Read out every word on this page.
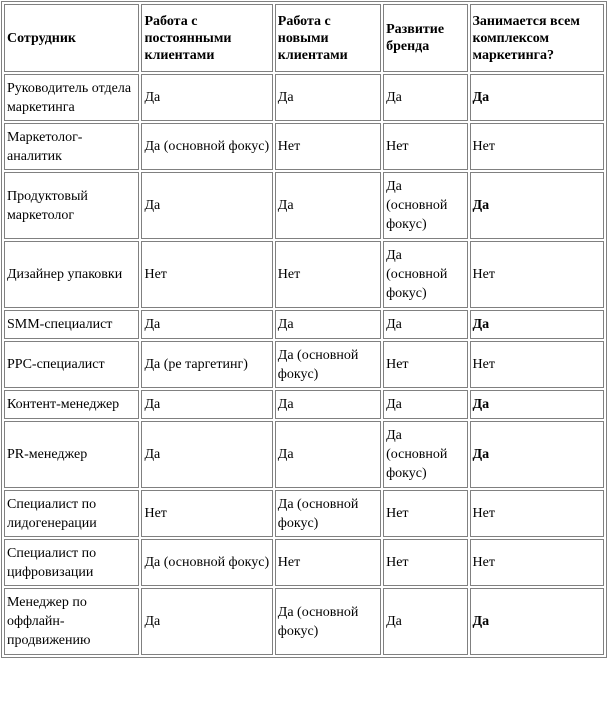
Сотрудник	Работа с постоянными клиентами	Работа с новыми клиентами	Развитие бренда	Занимается всем комплексом маркетинга?
Руководитель отдела маркетинга	Да	Да	Да	Да
Маркетолог-аналитик	Да (основной фокус)	Нет	Нет	Нет
Продуктовый маркетолог	Да	Да	Да (основной фокус)	Да
Дизайнер упаковки	Нет	Нет	Да (основной фокус)	Нет
SMM-специалист	Да	Да	Да	Да
PPC-специалист	Да (ре таргетинг)	Да (основной фокус)	Нет	Нет
Контент-менеджер	Да	Да	Да	Да
PR-менеджер	Да	Да	Да (основной фокус)	Да
Специалист по лидогенерации	Нет	Да (основной фокус)	Нет	Нет
Специалист по цифровизации	Да (основной фокус)	Нет	Нет	Нет
Менеджер по оффлайн-продвижению	Да	Да (основной фокус)	Да	Да
